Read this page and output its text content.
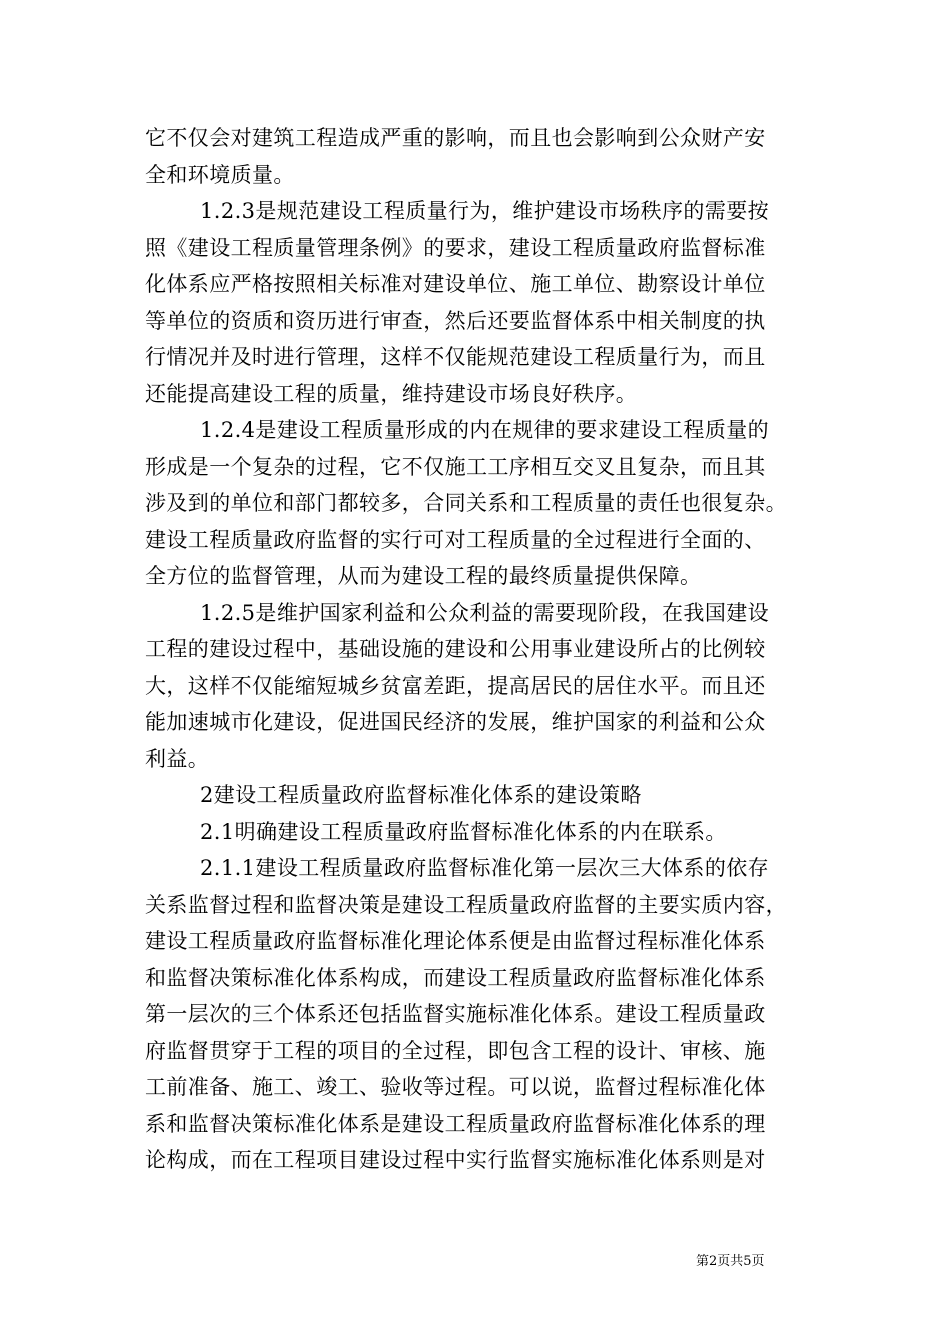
它不仅会对建筑工程造成严重的影响，而且也会影响到公众财产安
全和环境质量。
1.2.3是规范建设工程质量行为，维护建设市场秩序的需要按
照《建设工程质量管理条例》的要求，建设工程质量政府监督标准
化体系应严格按照相关标准对建设单位、施工单位、勘察设计单位
等单位的资质和资历进行审查，然后还要监督体系中相关制度的执
行情况并及时进行管理，这样不仅能规范建设工程质量行为，而且
还能提高建设工程的质量，维持建设市场良好秩序。
1.2.4是建设工程质量形成的内在规律的要求建设工程质量的
形成是一个复杂的过程，它不仅施工工序相互交叉且复杂，而且其
涉及到的单位和部门都较多，合同关系和工程质量的责任也很复杂。
建设工程质量政府监督的实行可对工程质量的全过程进行全面的、
全方位的监督管理，从而为建设工程的最终质量提供保障。
1.2.5是维护国家利益和公众利益的需要现阶段，在我国建设
工程的建设过程中，基础设施的建设和公用事业建设所占的比例较
大，这样不仅能缩短城乡贫富差距，提高居民的居住水平。而且还
能加速城市化建设，促进国民经济的发展，维护国家的利益和公众
利益。
2建设工程质量政府监督标准化体系的建设策略
2.1明确建设工程质量政府监督标准化体系的内在联系。
2.1.1建设工程质量政府监督标准化第一层次三大体系的依存
关系监督过程和监督决策是建设工程质量政府监督的主要实质内容，
建设工程质量政府监督标准化理论体系便是由监督过程标准化体系
和监督决策标准化体系构成，而建设工程质量政府监督标准化体系
第一层次的三个体系还包括监督实施标准化体系。建设工程质量政
府监督贯穿于工程的项目的全过程，即包含工程的设计、审核、施
工前准备、施工、竣工、验收等过程。可以说，监督过程标准化体
系和监督决策标准化体系是建设工程质量政府监督标准化体系的理
论构成，而在工程项目建设过程中实行监督实施标准化体系则是对
第2页共5页
